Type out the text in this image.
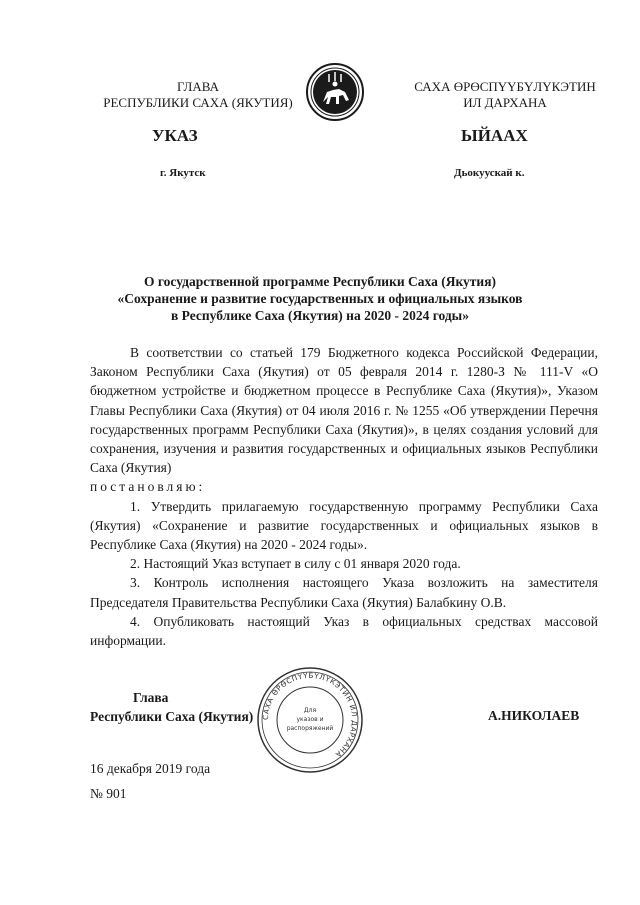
ГЛАВА
РЕСПУБЛИКИ САХА (ЯКУТИЯ)
САХА ӨРӨСПҮҮБҮЛҮКЭТИН
ИЛ ДАРХАНА
УКАЗ	ЫЙААХ
г. Якутск	Дьокуускай к.
О государственной программе Республики Саха (Якутия)
«Сохранение и развитие государственных и официальных языков
в Республике Саха (Якутия) на 2020 - 2024 годы»

В соответствии со статьей 179 Бюджетного кодекса Российской Федерации, Законом Республики Саха (Якутия) от 05 февраля 2014 г. 1280-З № 111-V «О бюджетном устройстве и бюджетном процессе в Республике Саха (Якутия)», Указом Главы Республики Саха (Якутия) от 04 июля 2016 г. № 1255 «Об утверждении Перечня государственных программ Республики Саха (Якутия)», в целях создания условий для сохранения, изучения и развития государственных и официальных языков Республики Саха (Якутия)

постановляю:

1. Утвердить прилагаемую государственную программу Республики Саха (Якутия) «Сохранение и развитие государственных и официальных языков в Республике Саха (Якутия) на 2020 - 2024 годы».

2. Настоящий Указ вступает в силу с 01 января 2020 года.

3. Контроль исполнения настоящего Указа возложить на заместителя Председателя Правительства Республики Саха (Якутия) Балабкину О.В.

4. Опубликовать настоящий Указ в официальных средствах массовой информации.

Глава
Республики Саха (Якутия) САХА ӨРӨСПҮҮБҮЛҮКЭТИН ИЛ ДАРХАНА
Для
указов и
распоряжений
А.НИКОЛАЕВ
16 декабря 2019 года
№ 901
